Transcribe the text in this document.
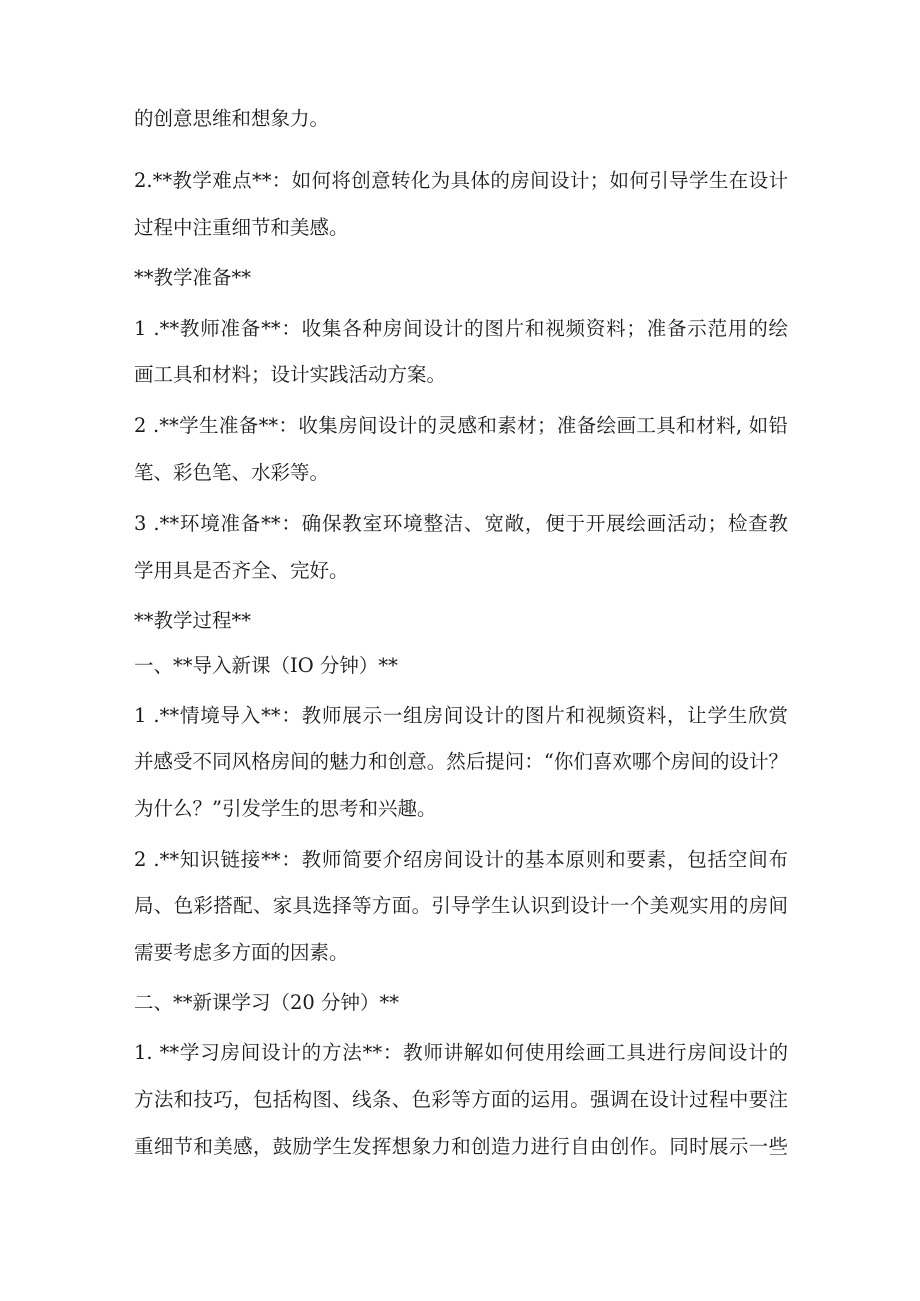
的创意思维和想象力。
2.**教学难点**：如何将创意转化为具体的房间设计；如何引导学生在设计
过程中注重细节和美感。
**教学准备**
1 .**教师准备**：收集各种房间设计的图片和视频资料；准备示范用的绘
画工具和材料；设计实践活动方案。
2 .**学生准备**：收集房间设计的灵感和素材；准备绘画工具和材料, 如铅
笔、彩色笔、水彩等。
3 .**环境准备**：确保教室环境整洁、宽敞，便于开展绘画活动；检查教
学用具是否齐全、完好。
**教学过程**
一、**导入新课（IO 分钟）**
1 .**情境导入**：教师展示一组房间设计的图片和视频资料，让学生欣赏
并感受不同风格房间的魅力和创意。然后提问：“你们喜欢哪个房间的设计？
为什么？”引发学生的思考和兴趣。
2 .**知识链接**：教师简要介绍房间设计的基本原则和要素，包括空间布
局、色彩搭配、家具选择等方面。引导学生认识到设计一个美观实用的房间
需要考虑多方面的因素。
二、**新课学习（20 分钟）**
1. **学习房间设计的方法**：教师讲解如何使用绘画工具进行房间设计的
方法和技巧，包括构图、线条、色彩等方面的运用。强调在设计过程中要注
重细节和美感，鼓励学生发挥想象力和创造力进行自由创作。同时展示一些
